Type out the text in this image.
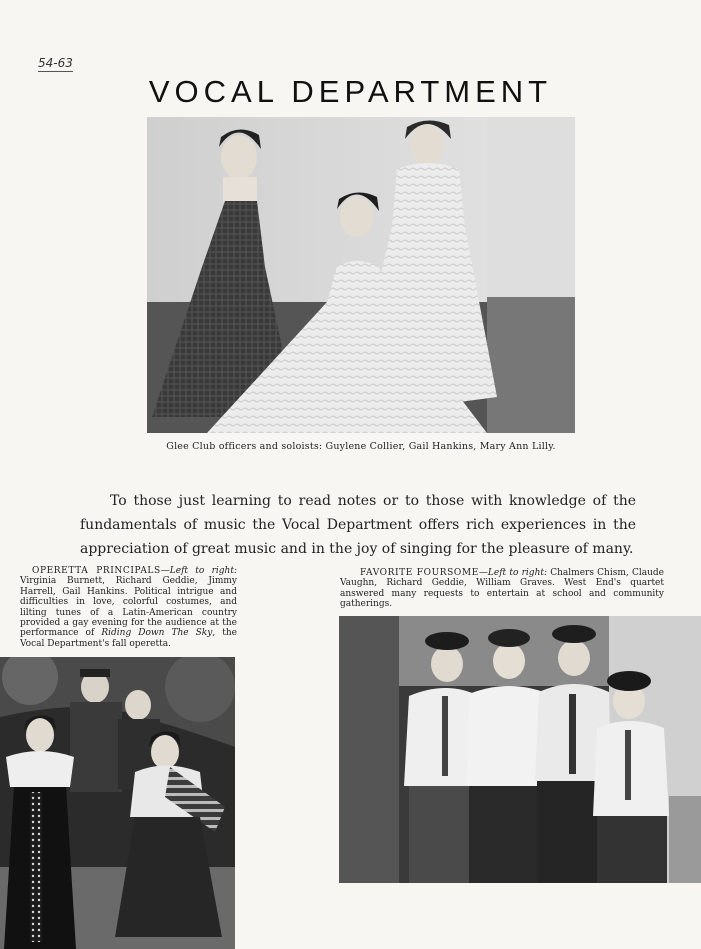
54-63
VOCAL DEPARTMENT
Glee Club officers and soloists: Guylene Collier, Gail Hankins, Mary Ann Lilly.

To those just learning to read notes or to those with knowledge of the fundamentals of music the Vocal Department offers rich experiences in the appreciation of great music and in the joy of singing for the pleasure of many.

OPERETTA PRINCIPALS—Left to right: Virginia Burnett, Richard Geddie, Jimmy Harrell, Gail Hankins. Political intrigue and difficulties in love, colorful costumes, and lilting tunes of a Latin-American country provided a gay evening for the audience at the performance of Riding Down The Sky, the Vocal Department's fall operetta.
FAVORITE FOURSOME—Left to right: Chalmers Chism, Claude Vaughn, Richard Geddie, William Graves. West End's quartet answered many requests to entertain at school and community gatherings.
